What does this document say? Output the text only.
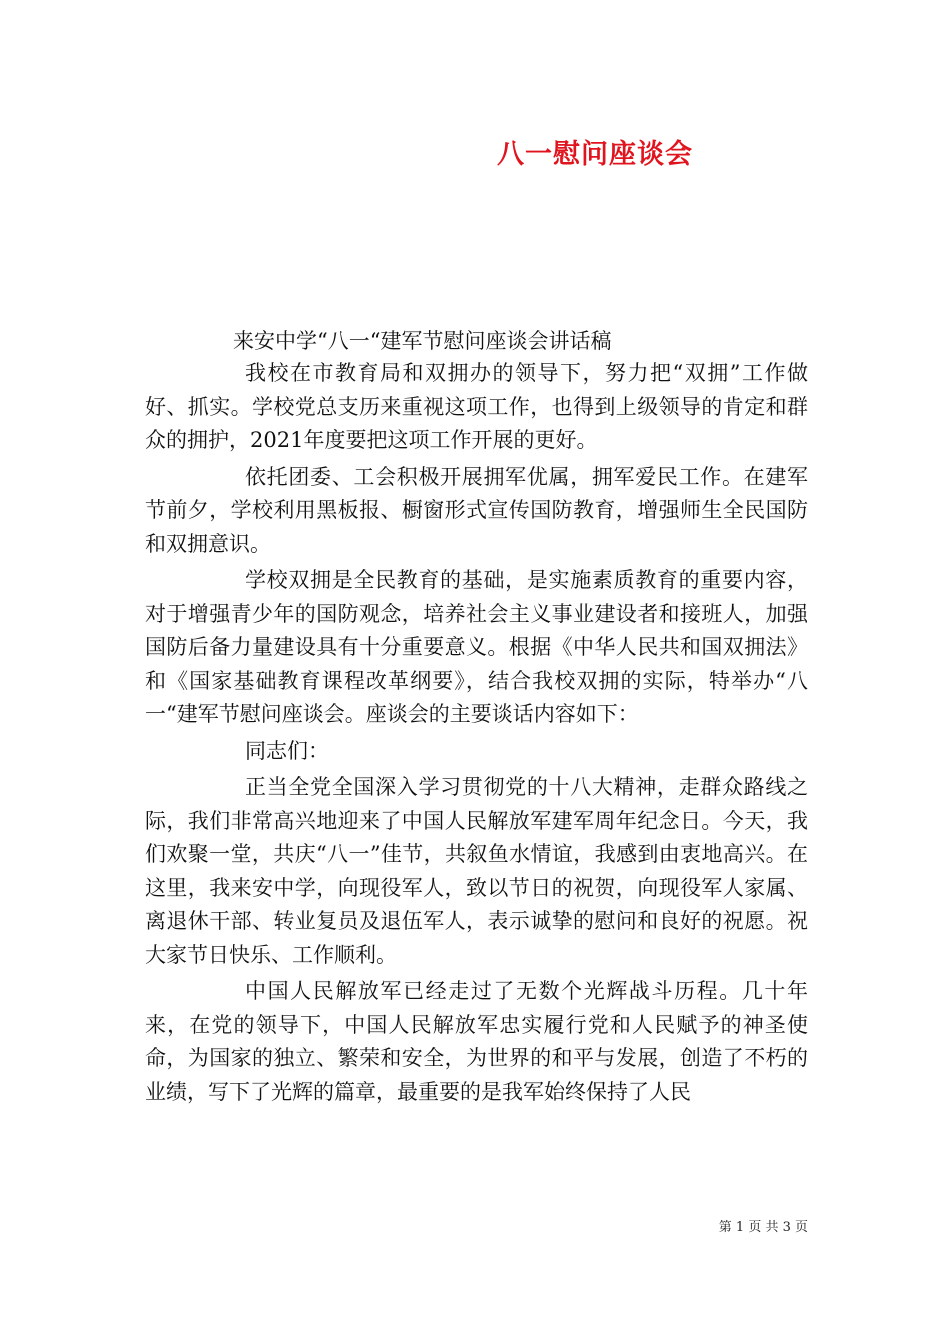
八一慰问座谈会
来安中学“八一“建军节慰问座谈会讲话稿

我校在市教育局和双拥办的领导下，努力把“双拥”工作做好、抓实。学校党总支历来重视这项工作，也得到上级领导的肯定和群众的拥护，2021年度要把这项工作开展的更好。

依托团委、工会积极开展拥军优属，拥军爱民工作。在建军节前夕，学校利用黑板报、橱窗形式宣传国防教育，增强师生全民国防和双拥意识。

学校双拥是全民教育的基础，是实施素质教育的重要内容，对于增强青少年的国防观念，培养社会主义事业建设者和接班人，加强国防后备力量建设具有十分重要意义。根据《中华人民共和国双拥法》和《国家基础教育课程改革纲要》，结合我校双拥的实际，特举办“八一“建军节慰问座谈会。座谈会的主要谈话内容如下：

同志们：

正当全党全国深入学习贯彻党的十八大精神，走群众路线之际，我们非常高兴地迎来了中国人民解放军建军周年纪念日。今天，我们欢聚一堂，共庆“八一”佳节，共叙鱼水情谊，我感到由衷地高兴。在这里，我来安中学，向现役军人，致以节日的祝贺，向现役军人家属、离退休干部、转业复员及退伍军人，表示诚挚的慰问和良好的祝愿。祝大家节日快乐、工作顺利。

中国人民解放军已经走过了无数个光辉战斗历程。几十年来，在党的领导下，中国人民解放军忠实履行党和人民赋予的神圣使命，为国家的独立、繁荣和安全，为世界的和平与发展，创造了不朽的业绩，写下了光辉的篇章，最重要的是我军始终保持了人民

第 1 页 共 3 页
